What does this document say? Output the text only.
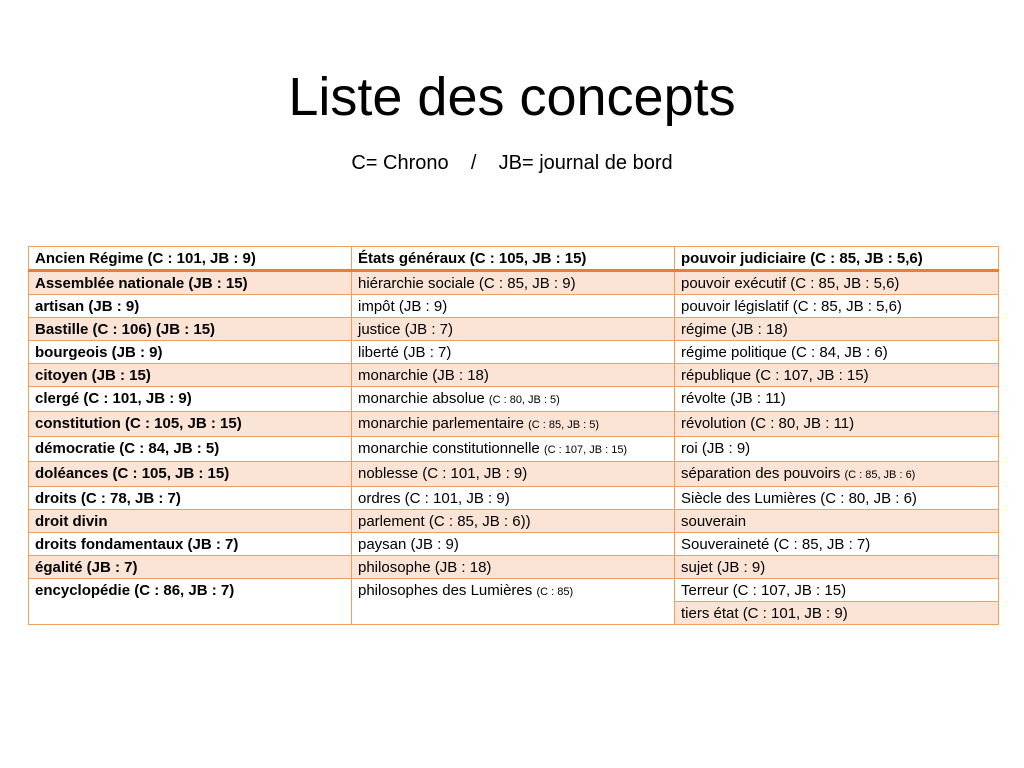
Liste des concepts

C= Chrono    /    JB= journal de bord

Ancien Régime (C : 101, JB : 9)	États généraux (C : 105, JB : 15)	pouvoir judiciaire (C : 85, JB : 5,6)
Assemblée nationale (JB : 15)	hiérarchie sociale (C : 85, JB : 9)	pouvoir exécutif (C : 85, JB : 5,6)
artisan (JB : 9)	impôt (JB : 9)	pouvoir législatif (C : 85, JB : 5,6)
Bastille (C : 106) (JB : 15)	justice (JB : 7)	régime (JB : 18)
bourgeois (JB : 9)	liberté (JB : 7)	régime politique (C : 84, JB : 6)
citoyen (JB : 15)	monarchie (JB : 18)	république (C : 107, JB : 15)
clergé (C : 101, JB : 9)	monarchie absolue (C : 80, JB : 5)	révolte (JB : 11)
constitution (C : 105, JB : 15)	monarchie parlementaire (C : 85, JB : 5)	révolution (C : 80, JB : 11)
démocratie (C : 84, JB : 5)	monarchie constitutionnelle (C : 107, JB : 15)	roi (JB : 9)
doléances (C : 105, JB : 15)	noblesse (C : 101, JB : 9)	séparation des pouvoirs (C : 85, JB : 6)
droits (C : 78, JB : 7)	ordres (C : 101, JB : 9)	Siècle des Lumières (C : 80, JB : 6)
droit divin	parlement (C : 85, JB : 6))	souverain
droits fondamentaux (JB : 7)	paysan (JB : 9)	Souveraineté (C : 85, JB : 7)
égalité (JB : 7)	philosophe (JB : 18)	sujet (JB : 9)
encyclopédie (C : 86, JB : 7)	philosophes des Lumières (C : 85)	Terreur (C : 107, JB : 15)
		tiers état (C : 101, JB : 9)
